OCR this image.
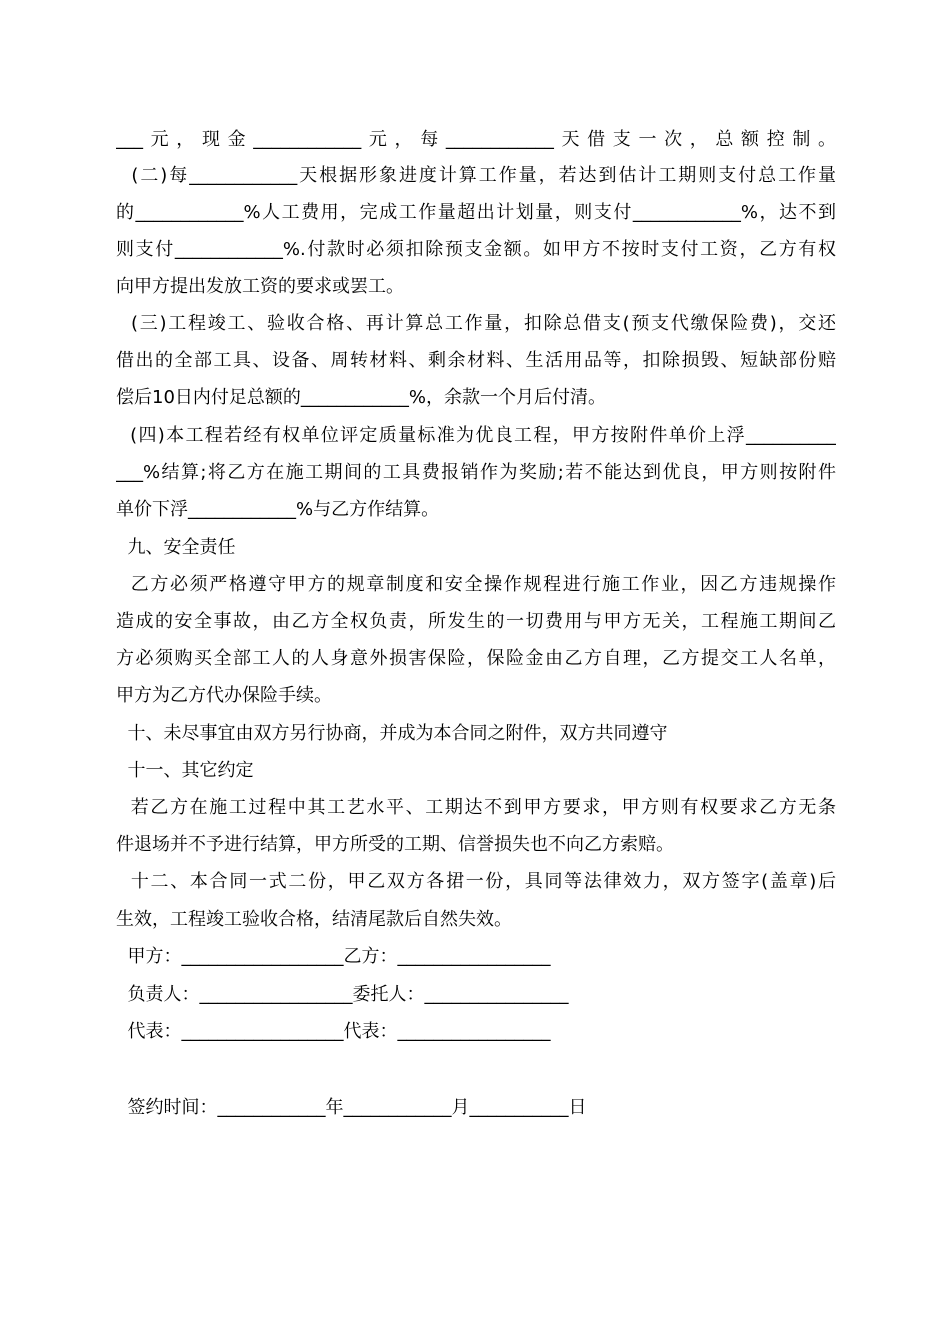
___元，现金____________元，每____________天借支一次，总额控制。
(二)每____________天根据形象进度计算工作量，若达到估计工期则支付总工作量
的____________%人工费用，完成工作量超出计划量，则支付____________%，达不到
则支付____________%.付款时必须扣除预支金额。如甲方不按时支付工资，乙方有权
向甲方提出发放工资的要求或罢工。
(三)工程竣工、验收合格、再计算总工作量，扣除总借支(预支代缴保险费)，交还
借出的全部工具、设备、周转材料、剩余材料、生活用品等，扣除损毁、短缺部份赔
偿后10日内付足总额的____________%，余款一个月后付清。
(四)本工程若经有权单位评定质量标准为优良工程，甲方按附件单价上浮__________
___%结算;将乙方在施工期间的工具费报销作为奖励;若不能达到优良，甲方则按附件
单价下浮____________%与乙方作结算。
九、安全责任
乙方必须严格遵守甲方的规章制度和安全操作规程进行施工作业，因乙方违规操作
造成的安全事故，由乙方全权负责，所发生的一切费用与甲方无关，工程施工期间乙
方必须购买全部工人的人身意外损害保险，保险金由乙方自理，乙方提交工人名单，
甲方为乙方代办保险手续。
十、未尽事宜由双方另行协商，并成为本合同之附件，双方共同遵守
十一、其它约定
若乙方在施工过程中其工艺水平、工期达不到甲方要求，甲方则有权要求乙方无条
件退场并不予进行结算，甲方所受的工期、信誉损失也不向乙方索赔。
十二、本合同一式二份，甲乙双方各捃一份，具同等法律效力，双方签字(盖章)后
生效，工程竣工验收合格，结清尾款后自然失效。
甲方：__________________乙方：_________________
负责人：_________________委托人：________________
代表：__________________代表：_________________
签约时间：____________年____________月___________日
